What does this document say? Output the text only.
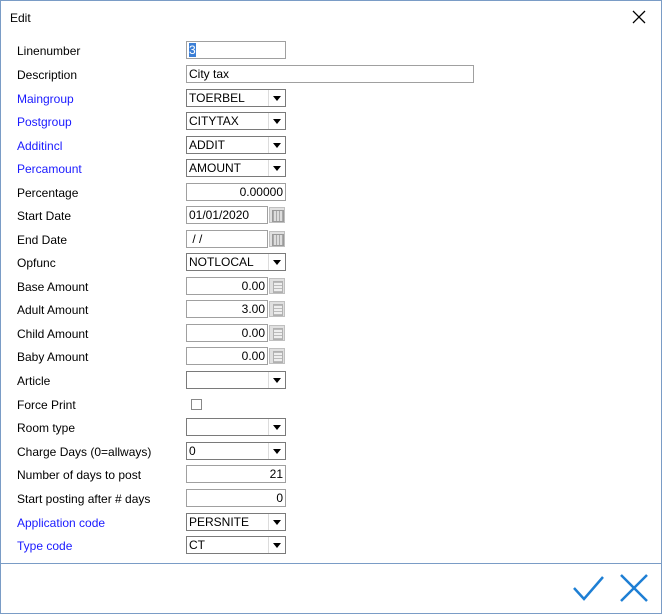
Edit
Linenumber	3
Description	City tax
Maingroup	TOERBEL
Postgroup	CITYTAX
Additincl	ADDIT
Percamount	AMOUNT
Percentage	0.00000
Start Date	01/01/2020
End Date	/ /
Opfunc	NOTLOCAL
Base Amount	0.00
Adult Amount	3.00
Child Amount	0.00
Baby Amount	0.00
Article
Force Print
Room type
Charge Days (0=allways)	0
Number of days to post	21
Start posting after # days	0
Application code	PERSNITE
Type code	CT
